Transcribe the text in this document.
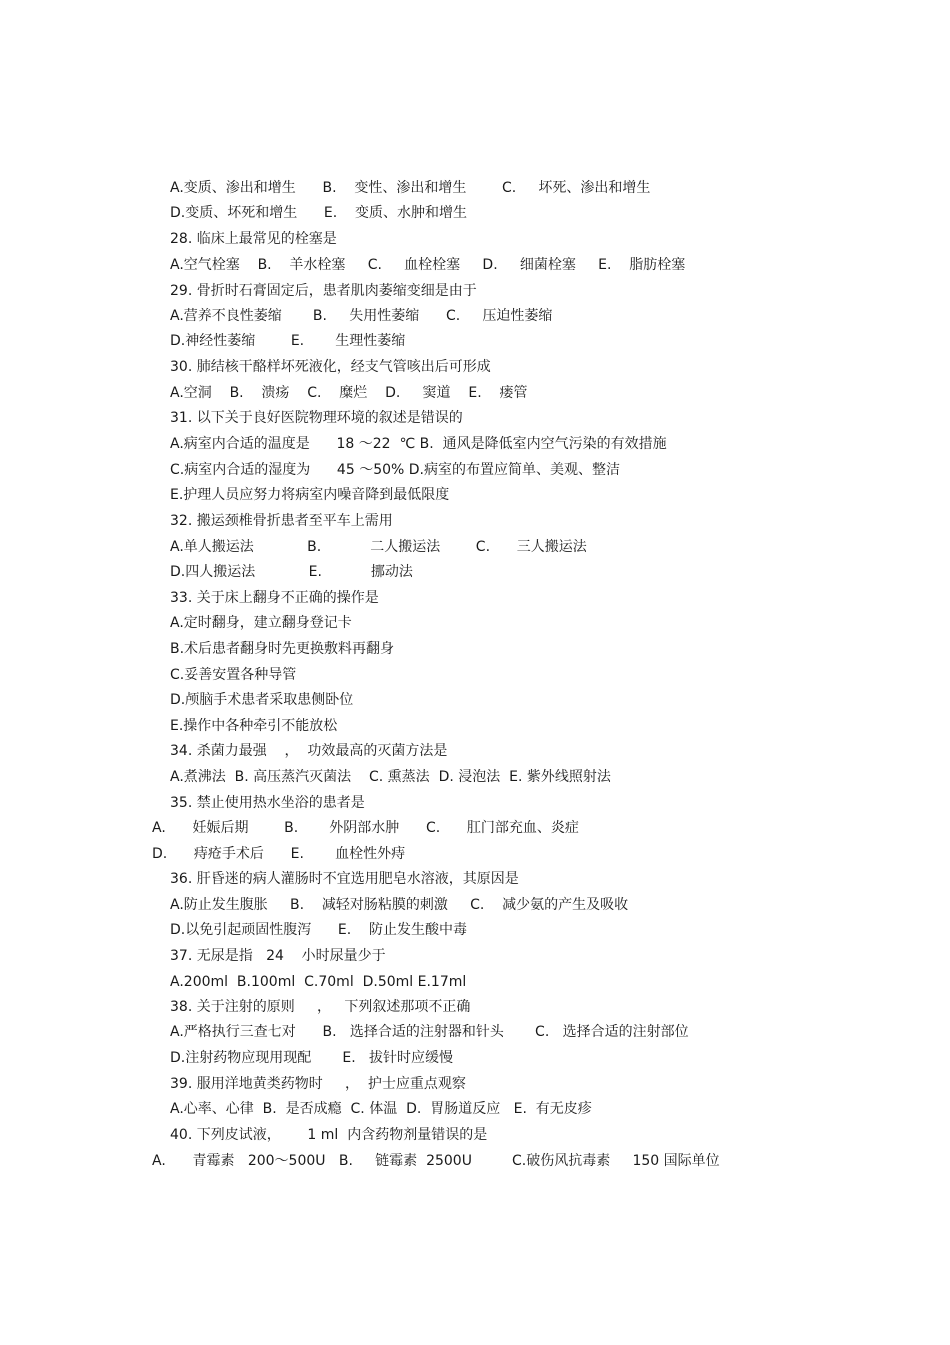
A.变质、渗出和增生      B.    变性、渗出和增生        C.     坏死、渗出和增生
D.变质、坏死和增生      E.    变质、水肿和增生
28. 临床上最常见的栓塞是
A.空气栓塞    B.    羊水栓塞     C.     血栓栓塞     D.     细菌栓塞     E.    脂肪栓塞
29. 骨折时石膏固定后，患者肌肉萎缩变细是由于
A.营养不良性萎缩       B.     失用性萎缩      C.     压迫性萎缩
D.神经性萎缩        E.       生理性萎缩
30. 肺结核干酪样坏死液化，经支气管咳出后可形成
A.空洞    B.    溃疡    C.    糜烂    D.     窦道    E.    瘘管
31. 以下关于良好医院物理环境的叙述是错误的
A.病室内合适的温度是      18 ～22  ℃ B.  通风是降低室内空气污染的有效措施
C.病室内合适的湿度为      45 ～50% D.病室的布置应简单、美观、整洁
E.护理人员应努力将病室内噪音降到最低限度
32. 搬运颈椎骨折患者至平车上需用
A.单人搬运法            B.           二人搬运法        C.      三人搬运法
D.四人搬运法            E.           挪动法
33. 关于床上翻身不正确的操作是
A.定时翻身，建立翻身登记卡
B.术后患者翻身时先更换敷料再翻身
C.妥善安置各种导管
D.颅脑手术患者采取患侧卧位
E.操作中各种牵引不能放松
34. 杀菌力最强    ，  功效最高的灭菌方法是
A.煮沸法  B. 高压蒸汽灭菌法    C. 熏蒸法  D. 浸泡法  E. 紫外线照射法
35. 禁止使用热水坐浴的患者是
A.      妊娠后期        B.       外阴部水肿      C.      肛门部充血、炎症
D.      痔疮手术后      E.       血栓性外痔
36. 肝昏迷的病人灌肠时不宜选用肥皂水溶液，其原因是
A.防止发生腹胀     B.    减轻对肠粘膜的刺激     C.    减少氨的产生及吸收
D.以免引起顽固性腹泻      E.    防止发生酸中毒
37. 无尿是指   24    小时尿量少于
A.200ml  B.100ml  C.70ml  D.50ml E.17ml
38. 关于注射的原则     ，   下列叙述那项不正确
A.严格执行三查七对      B.   选择合适的注射器和针头       C.   选择合适的注射部位
D.注射药物应现用现配       E.   拔针时应缓慢
39. 服用洋地黄类药物时     ，  护士应重点观察
A.心率、心律  B.  是否成瘾  C. 体温  D.  胃肠道反应   E.  有无皮疹
40. 下列皮试液，      1 ml  内含药物剂量错误的是
A.      青霉素   200～500U   B.     链霉素  2500U         C.破伤风抗毒素     150 国际单位
